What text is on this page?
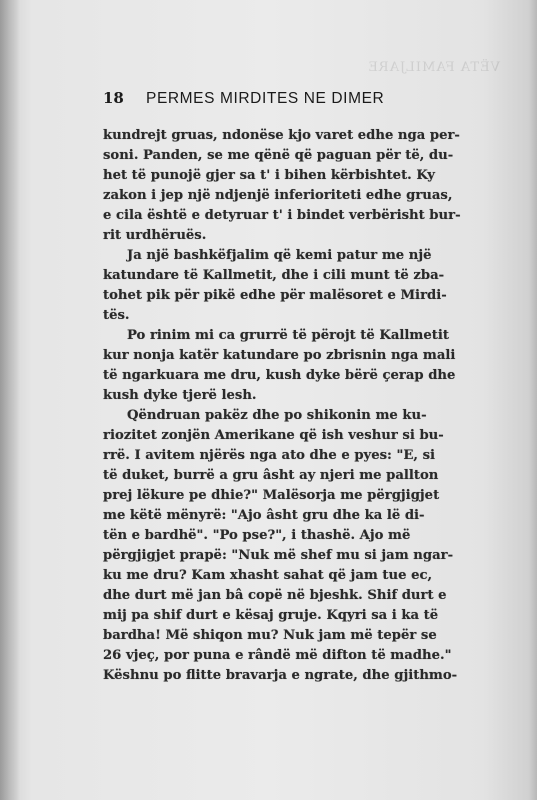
VËTA FAMILJARE
18	PERMES MIRDITES NE DIMER
kundrejt gruas, ndonëse kjo varet edhe nga per-
soni. Panden, se me qënë që paguan për të, du-
het të punojë gjer sa t' i bihen kërbishtet. Ky
zakon i jep një ndjenjë inferioriteti edhe gruas,
e cila është e detyruar t' i bindet verbërisht bur-
rit urdhëruës.
Ja një bashkëfjalim që kemi patur me një
katundare të Kallmetit, dhe i cili munt të zba-
tohet pik për pikë edhe për malësoret e Mirdi-
tës.
Po rinim mi ca grurrë të përojt të Kallmetit
kur nonja katër katundare po zbrisnin nga mali
të ngarkuara me dru, kush dyke bërë çerap dhe
kush dyke tjerë lesh.
Qëndruan pakëz dhe po shikonin me ku-
riozitet zonjën Amerikane që ish veshur si bu-
rrë. I avitem njërës nga ato dhe e pyes: "E, si
të duket, burrë a gru âsht ay njeri me pallton
prej lëkure pe dhie?" Malësorja me përgjigjet
me këtë mënyrë: "Ajo âsht gru dhe ka lë di-
tën e bardhë". "Po pse?", i thashë. Ajo më
përgjigjet prapë: "Nuk më shef mu si jam ngar-
ku me dru? Kam xhasht sahat që jam tue ec,
dhe durt më jan bâ copë në bjeshk. Shif durt e
mij pa shif durt e kësaj gruje. Kqyri sa i ka të
bardha! Më shiqon mu? Nuk jam më tepër se
26 vjeç, por puna e rândë më difton të madhe."
Këshnu po flitte bravarja e ngrate, dhe gjithmo-
